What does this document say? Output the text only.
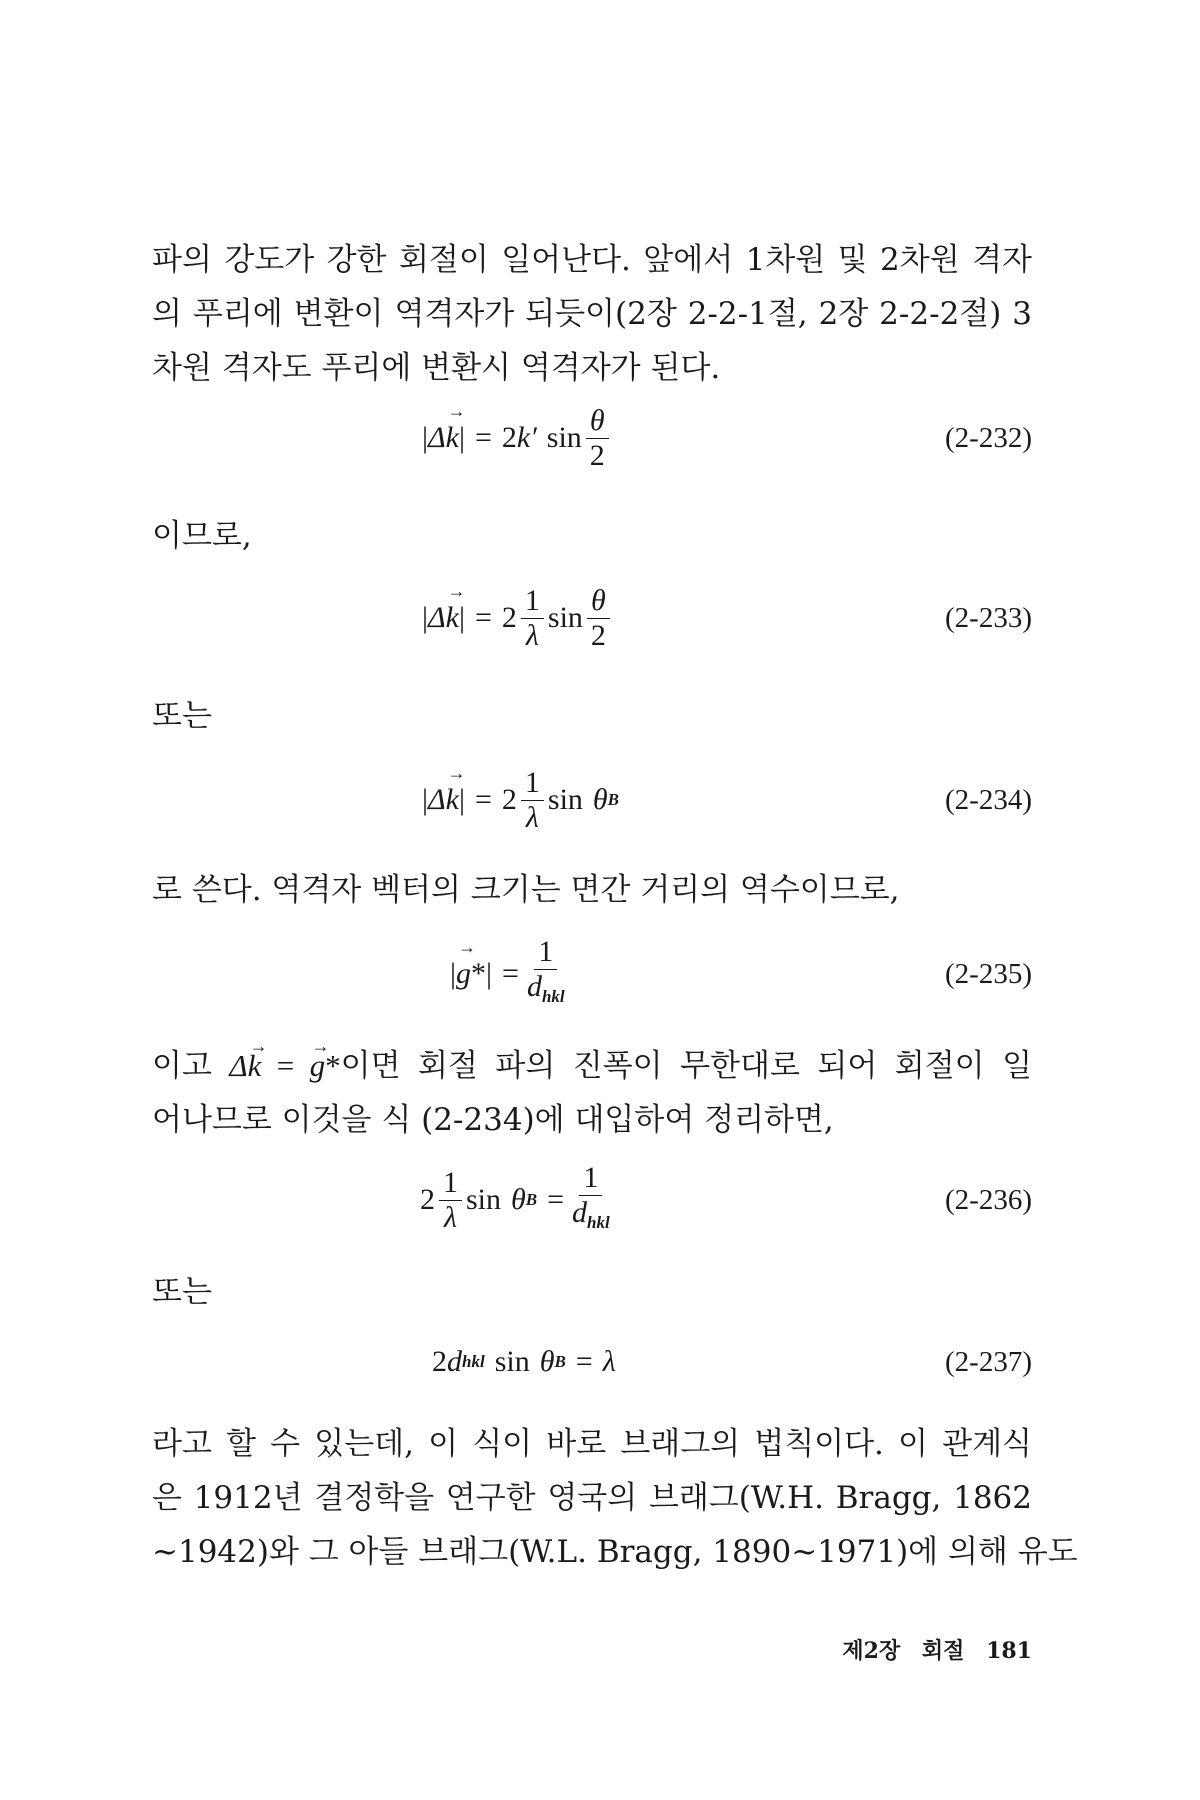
파의 강도가 강한 회절이 일어난다. 앞에서 1차원 및 2차원 격자
의 푸리에 변환이 역격자가 되듯이(2장 2-2-1절, 2장 2-2-2절) 3
차원 격자도 푸리에 변환시 역격자가 된다.
| Δ k → | = 2 k′ $\sin \frac{\theta}{2}$	(2-232)
이므로,
| Δ k → | = $2 \frac{1}{\lambda}$ $\sin \frac{\theta}{2}$	(2-233)
또는
| Δ k → | = $2 \frac{1}{\lambda}$ sin θ B	(2-234)
로 쓴다. 역격자 벡터의 크기는 면간 거리의 역수이므로,
| g → * | = $\frac{1}{d_{hkl}}$	(2-235)
이고 Δk → = g →*이면 회절 파의 진폭이 무한대로 되어 회절이 일
어나므로 이것을 식 (2-234)에 대입하여 정리하면,
$2 \frac{1}{\lambda}$ sin θ $B = \frac{1}{d_{hkl}}$	(2-236)
또는
2 d hkl sin θ B = λ	(2-237)
라고 할 수 있는데, 이 식이 바로 브래그의 법칙이다. 이 관계식
은 1912년 결정학을 연구한 영국의 브래그(W.H. Bragg, 1862
~1942)와 그 아들 브래그(W.L. Bragg, 1890~1971)에 의해 유도
제2장 회절 181
